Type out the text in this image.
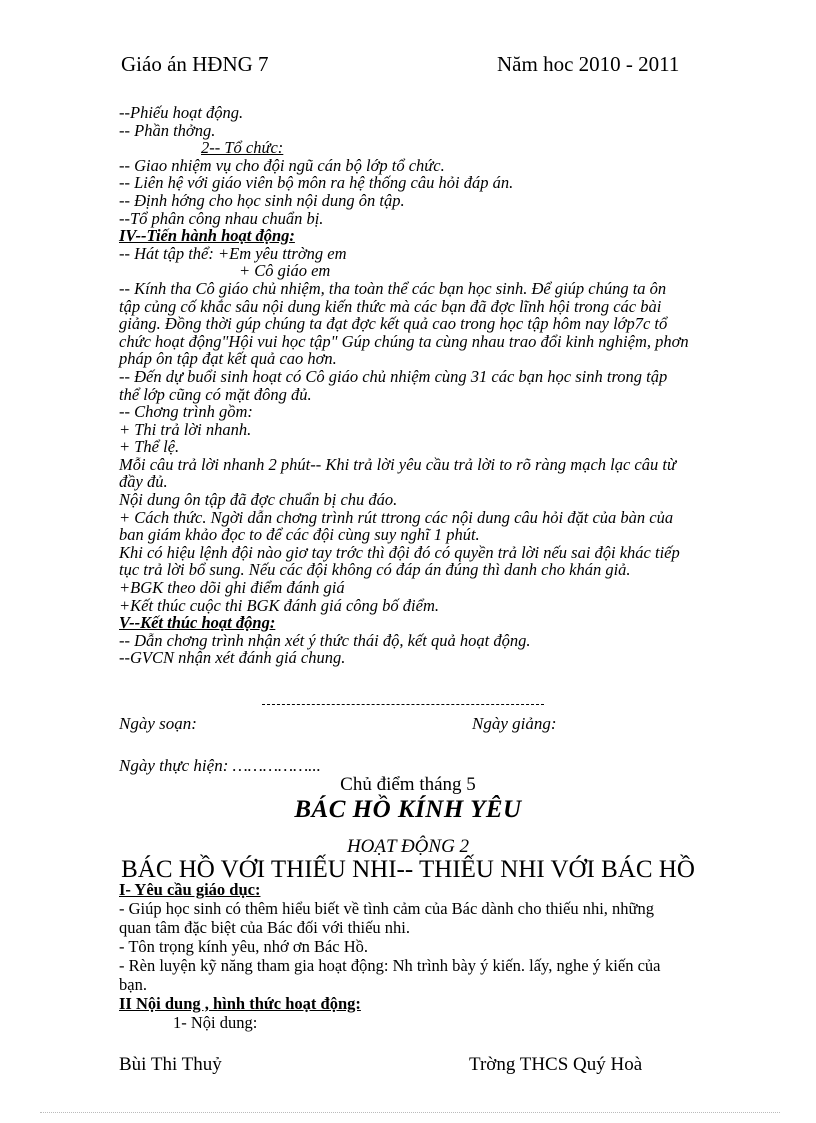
Giáo án HĐNG 7	Năm hoc 2010 - 2011
--Phiếu hoạt động.
-- Phần thởng.
2-- Tổ chức:
-- Giao nhiệm vụ cho đội ngũ cán bộ lớp tổ chức.
-- Liên hệ với giáo viên bộ môn ra hệ thống câu hỏi đáp án.
-- Định hớng cho học sinh nội dung ôn tập.
--Tổ phân công nhau chuẩn bị.
IV--Tiến hành hoạt động:
-- Hát tập thể: +Em yêu ttrờng em
+ Cô giáo em
-- Kính tha Cô giáo chủ nhiệm, tha toàn thể các bạn học sinh. Để giúp chúng ta ôn tập củng cố khắc sâu nội dung kiến thức mà các bạn đã đợc lĩnh hội trong các bài giảng. Đồng thời gúp chúng ta đạt đợc kết quả cao trong học tập hôm nay lớp7c tổ chức hoạt động"Hội vui học tập" Gúp chúng ta cùng nhau trao đổi kinh nghiệm, phơn pháp ôn tập đạt kết quả cao hơn.
-- Đến dự buổi sinh hoạt có Cô giáo chủ nhiệm cùng 31 các bạn học sinh trong tập thể lớp cũng có mặt đông đủ.
-- Chơng trình gồm:
+ Thi trả lời nhanh.
+ Thể lệ.
Mỗi câu trả lời nhanh 2 phút-- Khi trả lời yêu cầu trả lời to rõ ràng mạch lạc câu từ đầy đủ.
Nội dung ôn tập đã đợc chuẩn bị chu đáo.
+ Cách thức. Ngời dẫn chơng trình rút ttrong các nội dung câu hỏi đặt của bàn của ban giám khảo đọc to để các đội cùng suy nghĩ 1 phút.
Khi có hiệu lệnh đội nào giơ tay trớc thì đội đó có quyền trả lời nếu sai đội khác tiếp tục trả lời bổ sung. Nếu các đội không có đáp án đúng thì danh cho khán giả.
+BGK theo dõi ghi điểm đánh giá
+Kết thúc cuộc thi BGK đánh giá công bố điểm.
V--Kết thúc hoạt động:
-- Dẫn chơng trình nhận xét ý thức thái độ, kết quả hoạt động.
--GVCN nhận xét đánh giá chung.
Ngày soạn:	Ngày giảng:
Ngày thực hiện: ……………...
Chủ điểm tháng 5
BÁC HỒ KÍNH YÊU
HOẠT ĐỘNG 2
BÁC HỒ VỚI THIẾU NHI-- THIẾU NHI VỚI BÁC HỒ
I- Yêu cầu giáo dục:
- Giúp học sinh có thêm hiểu biết về tình cảm của Bác dành cho thiếu nhi, những quan tâm đặc biệt của Bác đối với thiếu nhi.
- Tôn trọng kính yêu, nhớ ơn Bác Hồ.
- Rèn luyện kỹ năng tham gia hoạt động: Nh trình bày ý kiến. lấy, nghe ý kiến của bạn.
II Nội dung , hình thức hoạt động:
1- Nội dung:
Bùi Thi Thuỷ	Trờng THCS Quý Hoà
